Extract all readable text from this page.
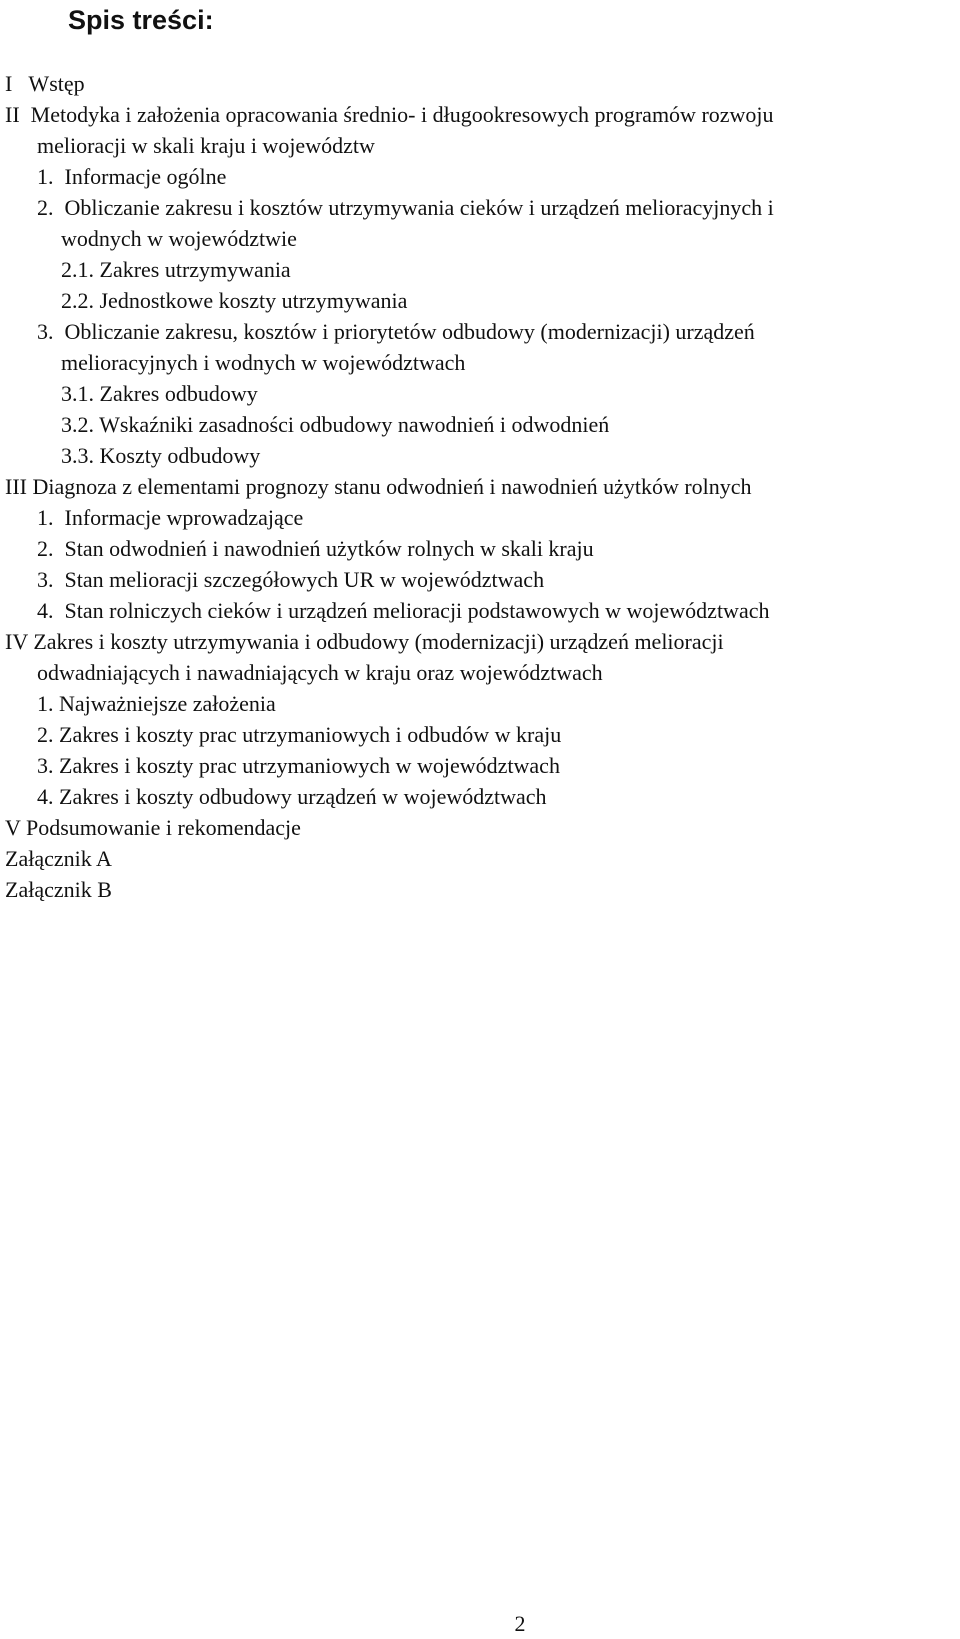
Spis treści:
I   Wstęp
II  Metodyka i założenia opracowania średnio- i długookresowych programów rozwoju
melioracji w skali kraju i województw
1.  Informacje ogólne
2.  Obliczanie zakresu i kosztów utrzymywania cieków i urządzeń melioracyjnych i
wodnych w województwie
2.1. Zakres utrzymywania
2.2. Jednostkowe koszty utrzymywania
3.  Obliczanie zakresu, kosztów i priorytetów odbudowy (modernizacji) urządzeń
melioracyjnych i wodnych w województwach
3.1. Zakres odbudowy
3.2. Wskaźniki zasadności odbudowy nawodnień i odwodnień
3.3. Koszty odbudowy
III Diagnoza z elementami prognozy stanu odwodnień i nawodnień użytków rolnych
1.  Informacje wprowadzające
2.  Stan odwodnień i nawodnień użytków rolnych w skali kraju
3.  Stan melioracji szczegółowych UR w województwach
4.  Stan rolniczych cieków i urządzeń melioracji podstawowych w województwach
IV Zakres i koszty utrzymywania i odbudowy (modernizacji) urządzeń melioracji
odwadniających i nawadniających w kraju oraz województwach
1. Najważniejsze założenia
2. Zakres i koszty prac utrzymaniowych i odbudów w kraju
3. Zakres i koszty prac utrzymaniowych w województwach
4. Zakres i koszty odbudowy urządzeń w województwach
V Podsumowanie i rekomendacje
Załącznik A
Załącznik B
2
